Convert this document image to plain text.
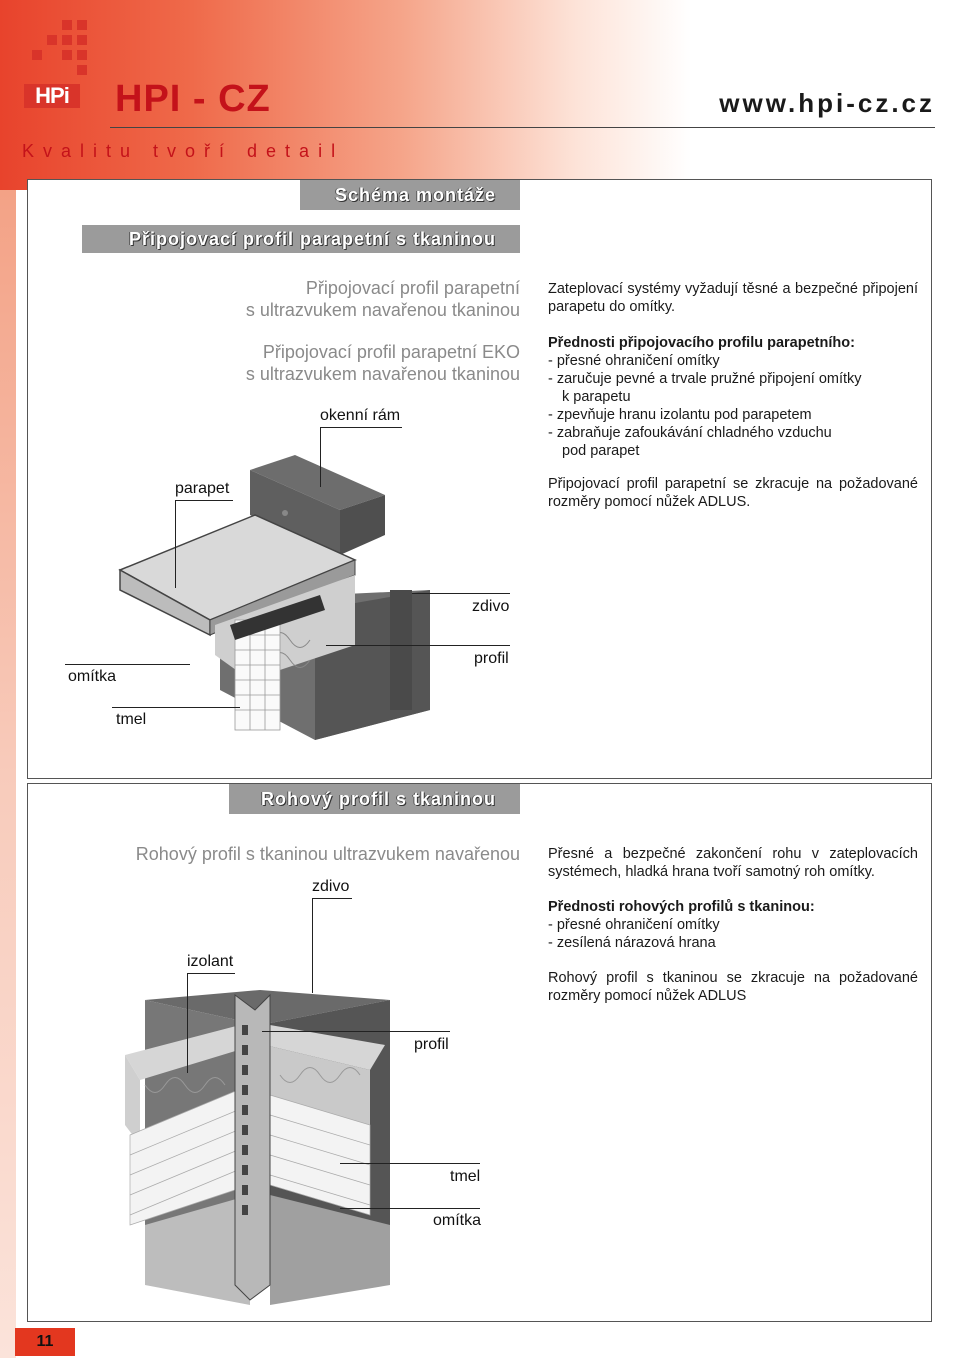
HPi HPI - CZ	www.hpi-cz.cz
Kvalitu tvoří detail
Schéma montáže
Připojovací profil parapetní s tkaninou
Připojovací profil parapetní
s ultrazvukem navařenou tkaninou
Připojovací profil parapetní EKO
s ultrazvukem navařenou tkaninou
Zateplovací systémy vyžadují těsné a bezpečné připojení parapetu do omítky.
Přednosti připojovacího profilu parapetního:
- přesné ohraničení omítky
- zaručuje pevné a trvale pružné připojení omítky
k parapetu
- zpevňuje hranu izolantu pod parapetem
- zabraňuje zafoukávání chladného vzduchu
pod parapet
Připojovací profil parapetní se zkracuje na požadované rozměry pomocí nůžek ADLUS.
okenní rám
parapet
zdivo
profil
omítka
tmel
Rohový profil s tkaninou
Rohový profil s tkaninou ultrazvukem navařenou Přesné a bezpečné zakončení rohu v zateplovacích systémech, hladká hrana tvoří samotný roh omítky.
Přednosti rohových profilů s tkaninou:
- přesné ohraničení omítky
- zesílená nárazová hrana
Rohový profil s tkaninou se zkracuje na požadované rozměry pomocí nůžek ADLUS
zdivo
izolant
profil
tmel
omítka
11
